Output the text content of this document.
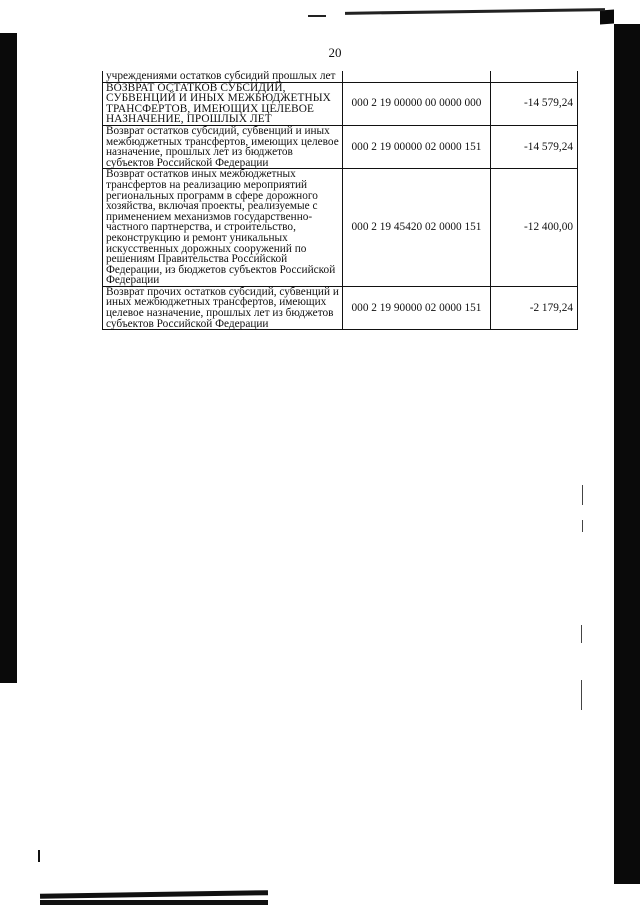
20
учреждениями остатков субсидий прошлых лет		
ВОЗВРАТ ОСТАТКОВ СУБСИДИЙ, СУБВЕНЦИЙ И ИНЫХ МЕЖБЮДЖЕТНЫХ ТРАНСФЕРТОВ, ИМЕЮЩИХ ЦЕЛЕВОЕ НАЗНАЧЕНИЕ, ПРОШЛЫХ ЛЕТ	000 2 19 00000 00 0000 000	-14 579,24
Возврат остатков субсидий, субвенций и иных межбюджетных трансфертов, имеющих целевое назначение, прошлых лет из бюджетов субъектов Российской Федерации	000 2 19 00000 02 0000 151	-14 579,24
Возврат остатков иных межбюджетных трансфертов на реализацию мероприятий региональных программ в сфере дорожного хозяйства, включая проекты, реализуемые с применением механизмов государственно-частного партнерства, и строительство, реконструкцию и ремонт уникальных искусственных дорожных сооружений по решениям Правительства Российской Федерации, из бюджетов субъектов Российской Федерации	000 2 19 45420 02 0000 151	-12 400,00
Возврат прочих остатков субсидий, субвенций и иных межбюджетных трансфертов, имеющих целевое назначение, прошлых лет из бюджетов субъектов Российской Федерации	000 2 19 90000 02 0000 151	-2 179,24
